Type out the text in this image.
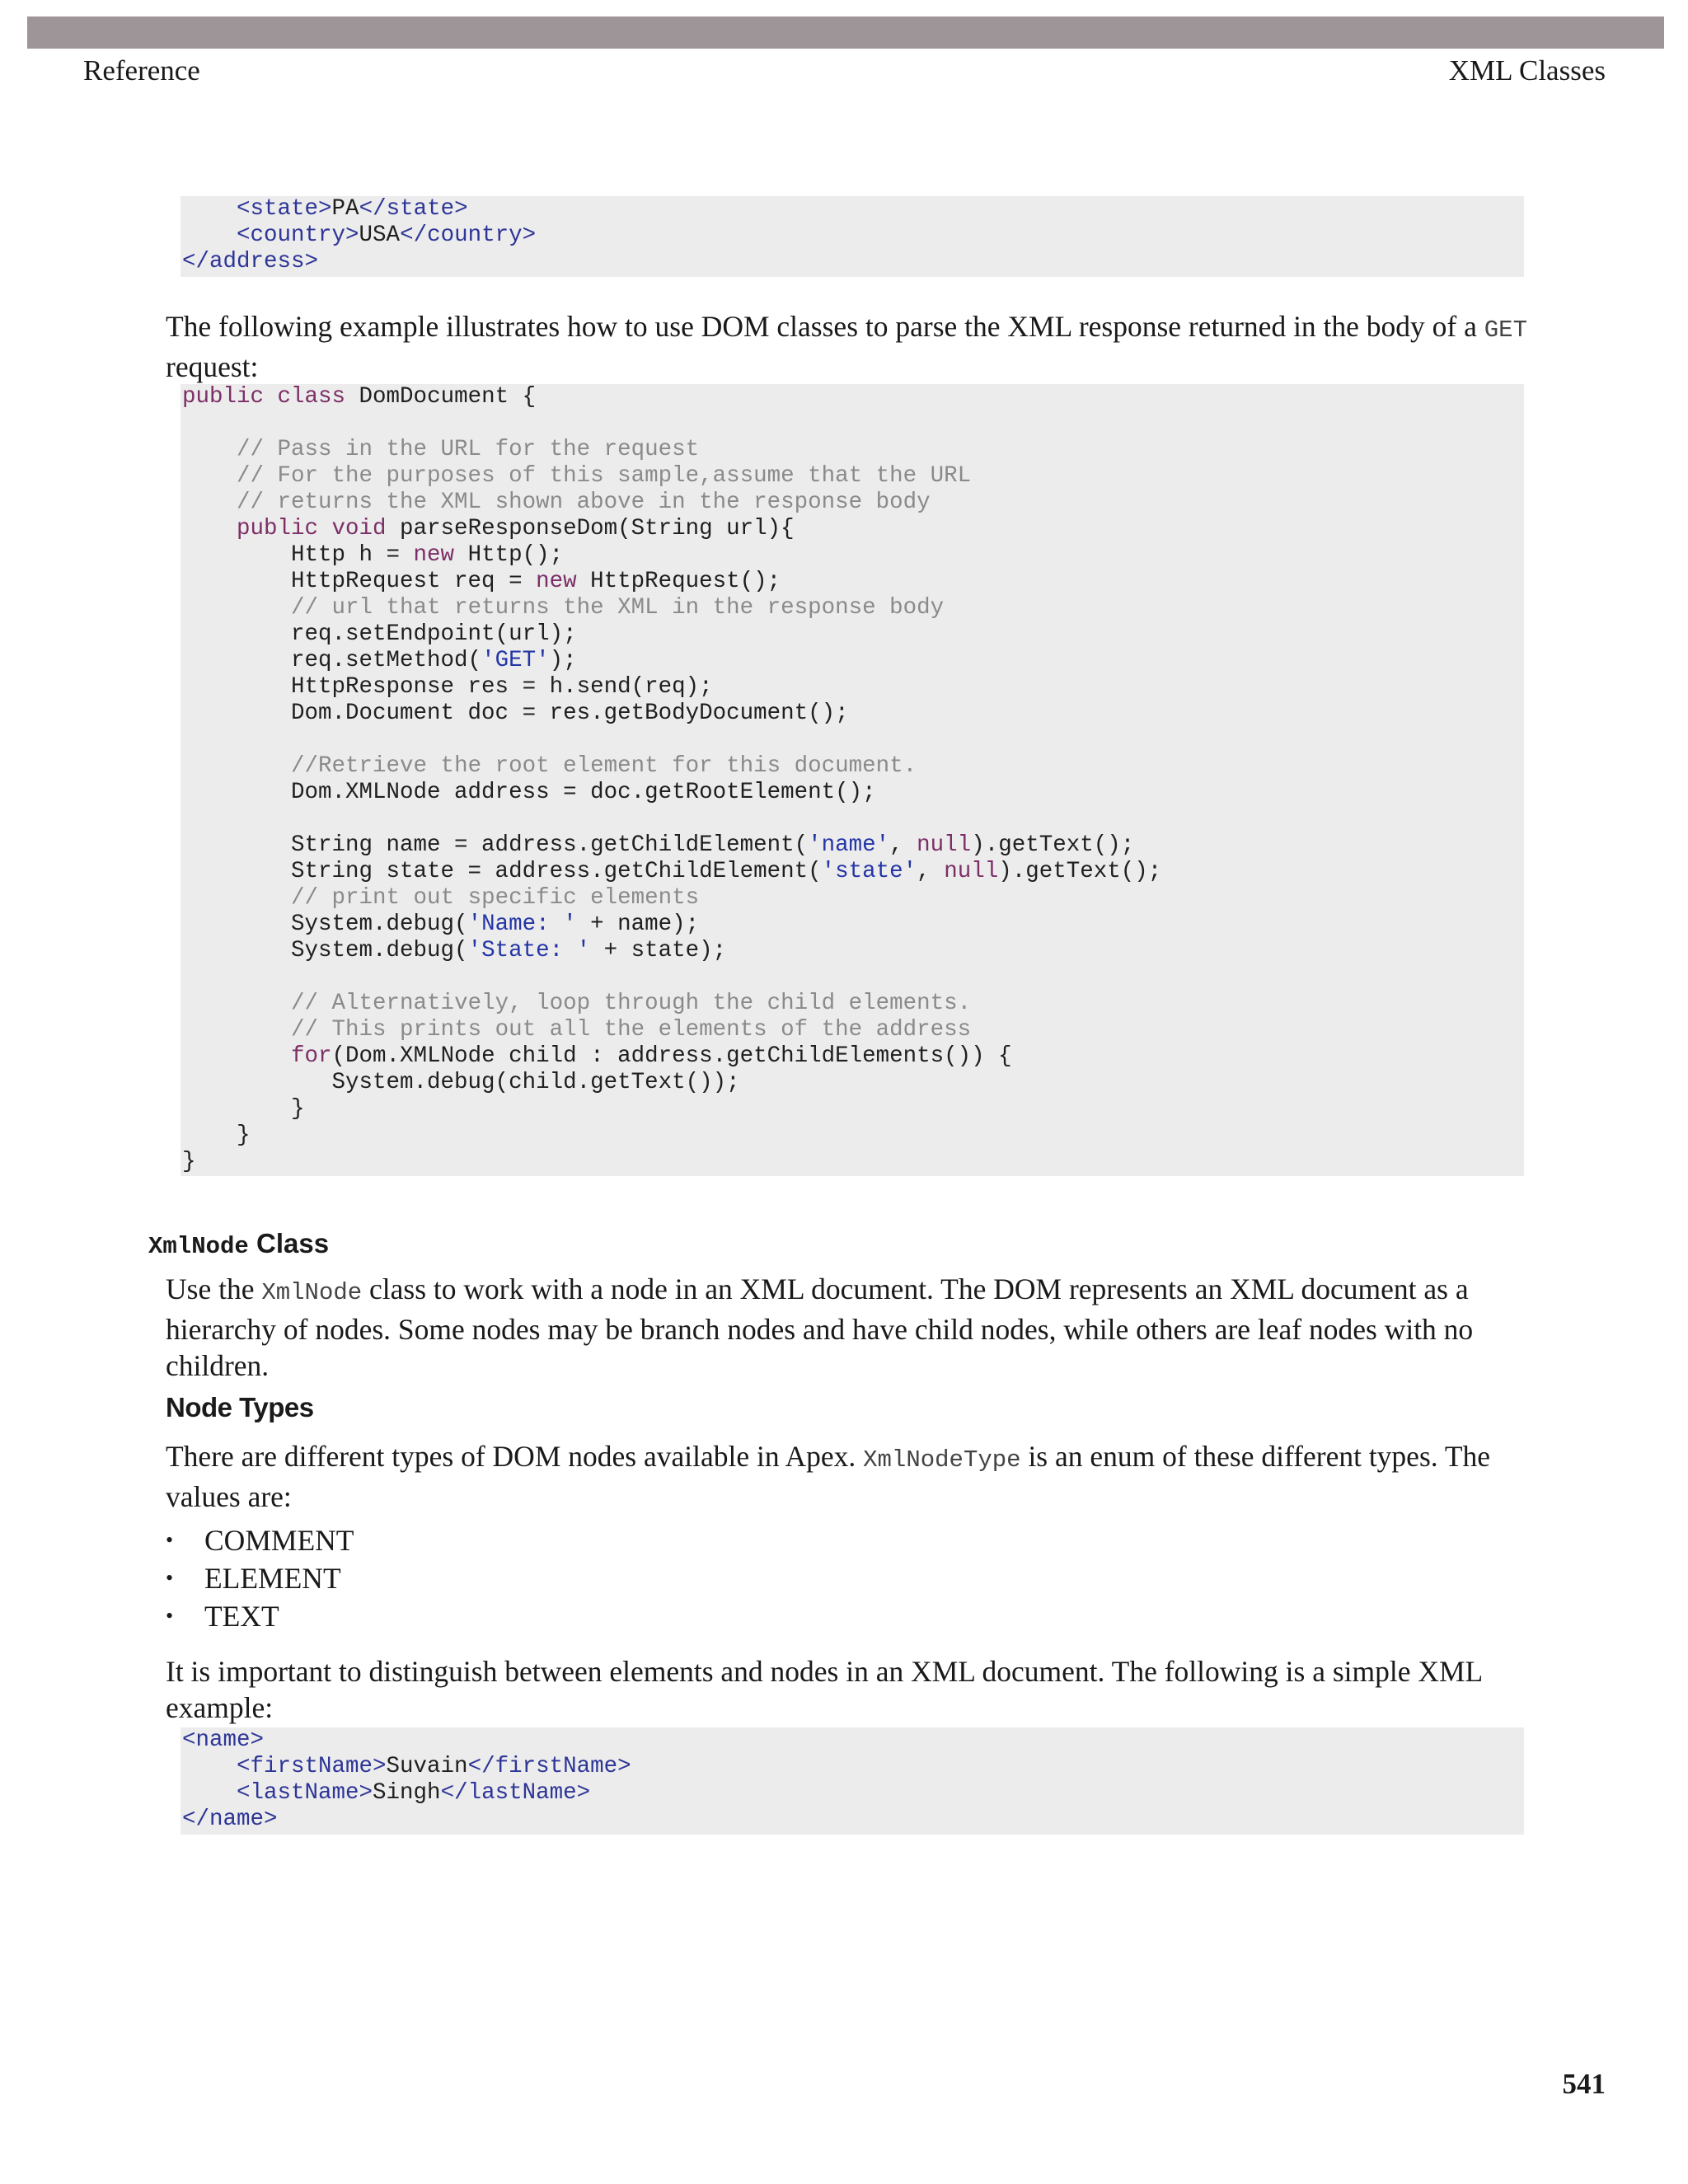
Reference	XML Classes
<state>PA</state>
<country>USA</country>
</address>

The following example illustrates how to use DOM classes to parse the XML response returned in the body of a GET request:

public class DomDocument {
// Pass in the URL for the request
// For the purposes of this sample,assume that the URL
// returns the XML shown above in the response body
public void parseResponseDom(String url){
Http h = new Http();
HttpRequest req = new HttpRequest();
// url that returns the XML in the response body
req.setEndpoint(url);
req.setMethod('GET');
HttpResponse res = h.send(req);
Dom.Document doc = res.getBodyDocument();
//Retrieve the root element for this document.
Dom.XMLNode address = doc.getRootElement();
String name = address.getChildElement('name', null).getText();
String state = address.getChildElement('state', null).getText();
// print out specific elements
System.debug('Name: ' + name);
System.debug('State: ' + state);
// Alternatively, loop through the child elements.
// This prints out all the elements of the address
for(Dom.XMLNode child : address.getChildElements()) {
System.debug(child.getText());
}
}
}
XmlNode Class

Use the XmlNode class to work with a node in an XML document. The DOM represents an XML document as a hierarchy of nodes. Some nodes may be branch nodes and have child nodes, while others are leaf nodes with no children.

Node Types

There are different types of DOM nodes available in Apex. XmlNodeType is an enum of these different types. The values are:

•	COMMENT
•	ELEMENT
•	TEXT

It is important to distinguish between elements and nodes in an XML document. The following is a simple XML example:

<name>
<firstName>Suvain</firstName>
<lastName>Singh</lastName>
</name>
541
